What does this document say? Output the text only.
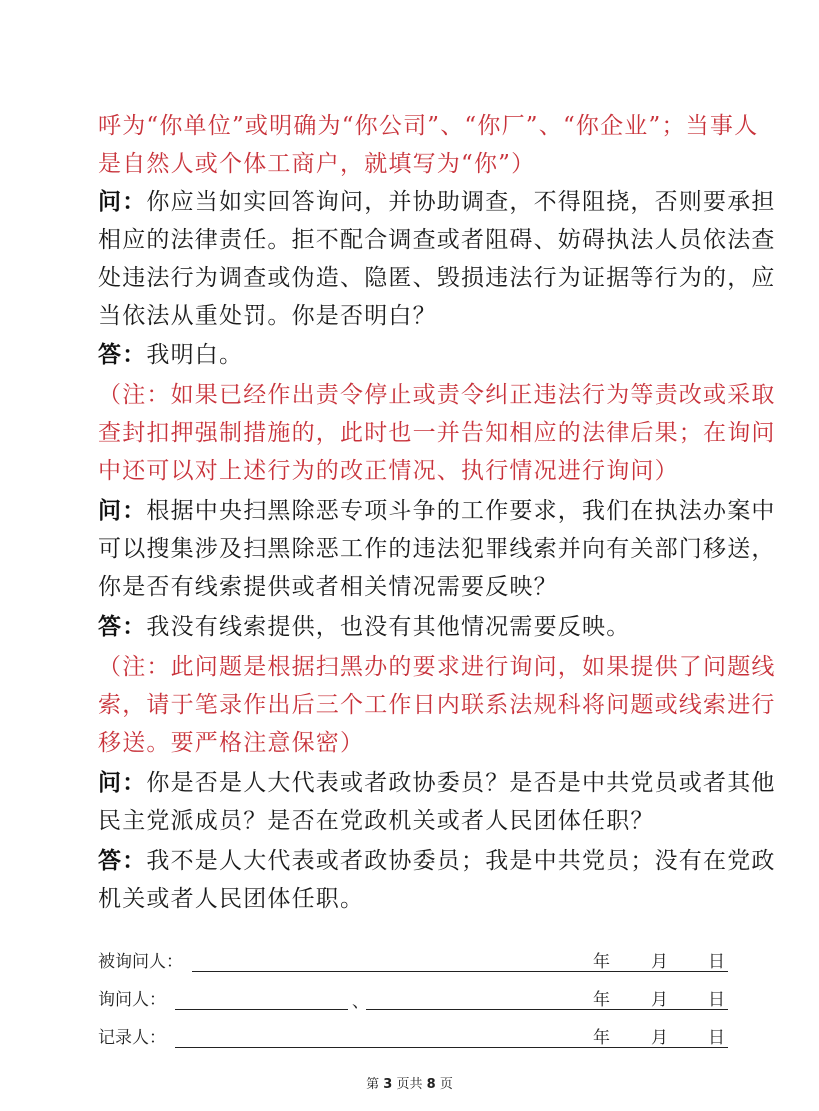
呼为“你单位”或明确为“你公司”、“你厂”、“你企业”；当事人
是自然人或个体工商户，就填写为“你”）
问：你应当如实回答询问，并协助调查，不得阻挠，否则要承担
相应的法律责任。拒不配合调查或者阻碍、妨碍执法人员依法查
处违法行为调查或伪造、隐匿、毁损违法行为证据等行为的，应
当依法从重处罚。你是否明白？
答：我明白。
（注：如果已经作出责令停止或责令纠正违法行为等责改或采取
查封扣押强制措施的，此时也一并告知相应的法律后果；在询问
中还可以对上述行为的改正情况、执行情况进行询问）
问：根据中央扫黑除恶专项斗争的工作要求，我们在执法办案中
可以搜集涉及扫黑除恶工作的违法犯罪线索并向有关部门移送，
你是否有线索提供或者相关情况需要反映？
答：我没有线索提供，也没有其他情况需要反映。
（注：此问题是根据扫黑办的要求进行询问，如果提供了问题线
索，请于笔录作出后三个工作日内联系法规科将问题或线索进行
移送。要严格注意保密）
问：你是否是人大代表或者政协委员？是否是中共党员或者其他
民主党派成员？是否在党政机关或者人民团体任职？
答：我不是人大代表或者政协委员；我是中共党员；没有在党政
机关或者人民团体任职。
被询问人：	年 月 日
询问人：	、	年 月 日
记录人：	年 月 日
第 3 页共 8 页
